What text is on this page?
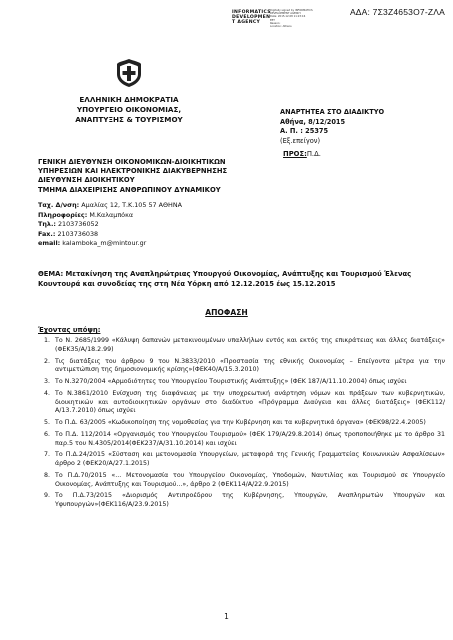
ΑΔΑ: 7Σ3Ζ4653Ο7-ΖΛΑ
INFORMATICS
DEVELOPMEN
T AGENCY
Digitally signed by INFORMATICS
DEVELOPMENT AGENCY
Date: 2015.12.08 11:23:16
EET
Reason:
Location: Athens
ΕΛΛΗΝΙΚΗ ΔΗΜΟΚΡΑΤΙΑ
ΥΠΟΥΡΓΕΙΟ ΟΙΚΟΝΟΜΙΑΣ,
ΑΝΑΠΤΥΞΗΣ & ΤΟΥΡΙΣΜΟΥ
ΑΝΑΡΤΗΤΕΑ ΣΤΟ ΔΙΑΔΙΚΤΥΟ
Αθήνα, 8/12/2015
Α. Π. : 25375
(Εξ.επείγον)
ΠΡΟΣ:Π.Δ.
ΓΕΝΙΚΗ ΔΙΕΥΘΥΝΣΗ ΟΙΚΟΝΟΜΙΚΩΝ-ΔΙΟΙΚΗΤΙΚΩΝ
ΥΠΗΡΕΣΙΩΝ ΚΑΙ ΗΛΕΚΤΡΟΝΙΚΗΣ ΔΙΑΚΥΒΕΡΝΗΣΗΣ
ΔΙΕΥΘΥΝΣΗ ΔΙΟΙΚΗΤΙΚΟΥ
ΤΜΗΜΑ ΔΙΑΧΕΙΡΙΣΗΣ ΑΝΘΡΩΠΙΝΟΥ ΔΥΝΑΜΙΚΟΥ
Ταχ. Δ/νση: Αμαλίας 12, Τ.Κ.105 57 ΑΘΗΝΑ
Πληροφορίες: Μ.Καλαμπόκα
Τηλ.: 2103736052
Fax.: 2103736038
email: kalamboka_m@mintour.gr
ΘΕΜΑ: Μετακίνηση της Αναπληρώτριας Υπουργού Οικονομίας, Ανάπτυξης και Τουρισμού Έλενας Κουντουρά και συνοδείας της στη Νέα Υόρκη από 12.12.2015 έως 15.12.2015
ΑΠΟΦΑΣΗ
Έχοντας υπόψη:
1. Το Ν. 2685/1999 «Κάλυψη δαπανών μετακινουμένων υπαλλήλων εντός και εκτός της επικράτειας και άλλες διατάξεις» (ΦΕΚ35/Α/18.2.99)
2. Τις διατάξεις του άρθρου 9 του Ν.3833/2010 «Προστασία της εθνικής Οικονομίας – Επείγοντα μέτρα για την αντιμετώπιση της δημοσιονομικής κρίσης»(ΦΕΚ40/Α/15.3.2010)
3. Το Ν.3270/2004 «Αρμοδιότητες του Υπουργείου Τουριστικής Ανάπτυξης» (ΦΕΚ 187/Α/11.10.2004) όπως ισχύει
4. Το Ν.3861/2010 Ενίσχυση της διαφάνειας με την υποχρεωτική ανάρτηση νόμων και πράξεων των κυβερνητικών, διοικητικών και αυτοδιοικητικών οργάνων στο διαδίκτυο «Πρόγραμμα Διαύγεια και άλλες διατάξεις» (ΦΕΚ112/Α/13.7.2010) όπως ισχύει
5. Το Π.Δ. 63/2005 «Κωδικοποίηση της νομοθεσίας για την Κυβέρνηση και τα κυβερνητικά όργανα» (ΦΕΚ98/22.4.2005)
6. Το Π.Δ. 112/2014 «Οργανισμός του Υπουργείου Τουρισμού» (ΦΕΚ 179/Α/29.8.2014) όπως τροποποιήθηκε με το άρθρο 31 παρ.5 του Ν.4305/2014(ΦΕΚ237/Α/31.10.2014) και ισχύει
7. Το Π.Δ.24/2015 «Σύσταση και μετονομασία Υπουργείων, μεταφορά της Γενικής Γραμματείας Κοινωνικών Ασφαλίσεων» άρθρο 2 (ΦΕΚ20/Α/27.1.2015)
8. Το Π.Δ.70/2015 «... Μετονομασία του Υπουργείου Οικονομίας, Υποδομών, Ναυτιλίας και Τουρισμού σε Υπουργείο Οικονομίας, Ανάπτυξης και Τουρισμού...», άρθρο 2 (ΦΕΚ114/Α/22.9.2015)
9. Το Π.Δ.73/2015 «Διορισμός Αντιπροέδρου της Κυβέρνησης, Υπουργών, Αναπληρωτών Υπουργών και Υφυπουργών»(ΦΕΚ116/Α/23.9.2015)
1
